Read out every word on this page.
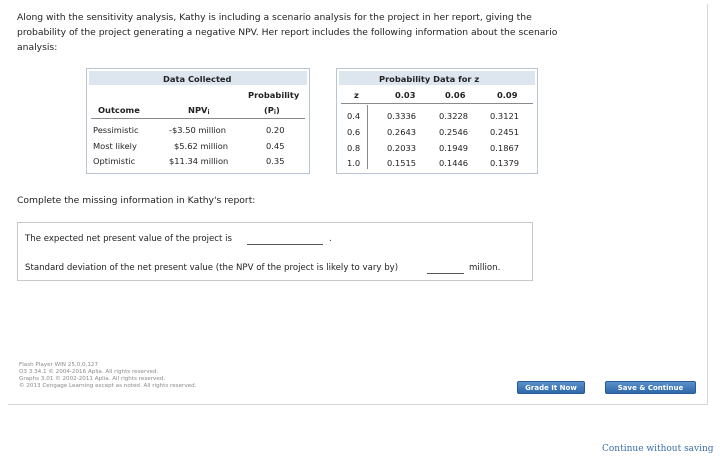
Along with the sensitivity analysis, Kathy is including a scenario analysis for the project in her report, giving the probability of the project generating a negative NPV. Her report includes the following information about the scenario analysis:
Data Collected
Probability
Outcome	NPVi	(Pi)
Pessimistic	-$3.50 million	0.20
Most likely	$5.62 million	0.45
Optimistic	$11.34 million	0.35
Probability Data for z
z	0.03	0.06	0.09
0.4	0.3336	0.3228	0.3121
0.6	0.2643	0.2546	0.2451
0.8	0.2033	0.1949	0.1867
1.0	0.1515	0.1446	0.1379
Complete the missing information in Kathy's report:
The expected net present value of the project is	.
Standard deviation of the net present value (the NPV of the project is likely to vary by)	million.
Flash Player WIN 25,0,0,127
Q3 3.34.1 © 2004-2016 Aplia. All rights reserved.
Graphs 3.01 © 2002-2011 Aplia. All rights reserved.
© 2013 Cengage Learning except as noted. All rights reserved.	Grade It Now	Save & Continue
Continue without saving
